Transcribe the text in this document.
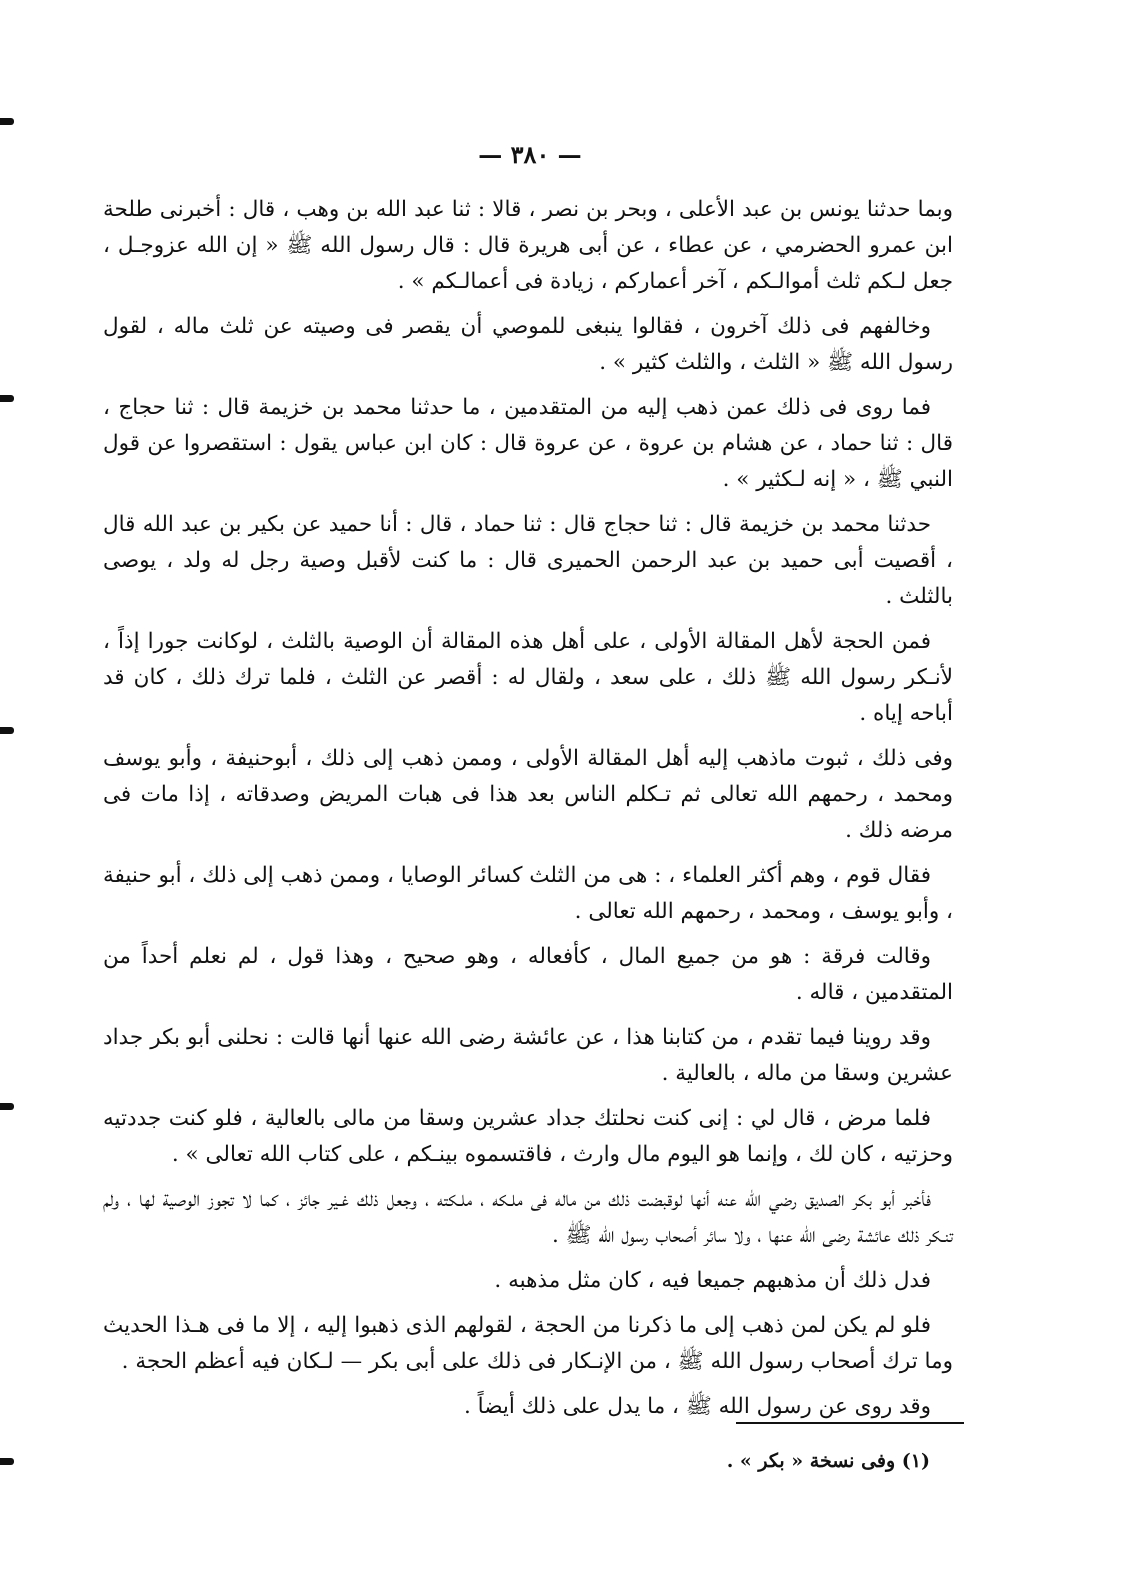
— ٣٨٠ —

وبما حدثنا يونس بن عبد الأعلى ، وبحر بن نصر ، قالا : ثنا عبد الله بن وهب ، قال : أخبرنى طلحة ابن عمرو الحضرمي ، عن عطاء ، عن أبى هريرة قال : قال رسول الله ﷺ « إن الله عزوجـل ، جعل لـكم ثلث أموالـكم ، آخر أعماركم ، زيادة فى أعمالـكم » .

وخالفهم فى ذلك آخرون ، فقالوا ينبغى للموصي أن يقصر فى وصيته عن ثلث ماله ، لقول رسول الله ﷺ « الثلث ، والثلث كثير » .

فما روى فى ذلك عمن ذهب إليه من المتقدمين ، ما حدثنا محمد بن خزيمة قال : ثنا حجاج ، قال : ثنا حماد ، عن هشام بن عروة ، عن عروة قال : كان ابن عباس يقول : استقصروا عن قول النبي ﷺ ، « إنه لـكثير » .

حدثنا محمد بن خزيمة قال : ثنا حجاج قال : ثنا حماد ، قال : أنا حميد عن بكير بن عبد الله قال ، أقصيت أبى حميد بن عبد الرحمن الحميرى قال : ما كنت لأقبل وصية رجل له ولد ، يوصى بالثلث .

فمن الحجة لأهل المقالة الأولى ، على أهل هذه المقالة أن الوصية بالثلث ، لوكانت جورا إذاً ، لأنـكر رسول الله ﷺ ذلك ، على سعد ، ولقال له : أقصر عن الثلث ، فلما ترك ذلك ، كان قد أباحه إياه .

وفى ذلك ، ثبوت ماذهب إليه أهل المقالة الأولى ، وممن ذهب إلى ذلك ، أبوحنيفة ، وأبو يوسف ومحمد ، رحمهم الله تعالى ثم تـكلم الناس بعد هذا فى هبات المريض وصدقاته ، إذا مات فى مرضه ذلك .

فقال قوم ، وهم أكثر العلماء ، : هى من الثلث كسائر الوصايا ، وممن ذهب إلى ذلك ، أبو حنيفة ، وأبو يوسف ، ومحمد ، رحمهم الله تعالى .

وقالت فرقة : هو من جميع المال ، كأفعاله ، وهو صحيح ، وهذا قول ، لم نعلم أحداً من المتقدمين ، قاله .

وقد روينا فيما تقدم ، من كتابنا هذا ، عن عائشة رضى الله عنها أنها قالت : نحلنى أبو بكر جداد عشرين وسقا من ماله ، بالعالية .

فلما مرض ، قال لي : إنى كنت نحلتك جداد عشرين وسقا من مالى بالعالية ، فلو كنت جددتيه وحزتيه ، كان لك ، وإنما هو اليوم مال وارث ، فاقتسموه بينـكم ، على كتاب الله تعالى » .

فأخبر أبو بكر الصديق رضي الله عنه أنها لوقبضت ذلك من ماله فى ملـكه ، ملـكته ، وجعل ذلك غـير جائز ، كما لا تجوز الوصية لها ، ولم تنـكر ذلك عائشة رضى الله عنها ، ولا سائر أصحاب رسول الله ﷺ .

فدل ذلك أن مذهبهم جميعا فيه ، كان مثل مذهبه .

فلو لم يكن لمن ذهب إلى ما ذكرنا من الحجة ، لقولهم الذى ذهبوا إليه ، إلا ما فى هـذا الحديث وما ترك أصحاب رسول الله ﷺ ، من الإنـكار فى ذلك على أبى بكر — لـكان فيه أعظم الحجة .

وقد روى عن رسول الله ﷺ ، ما يدل على ذلك أيضاً .

(١) وفى نسخة « بكر » .
